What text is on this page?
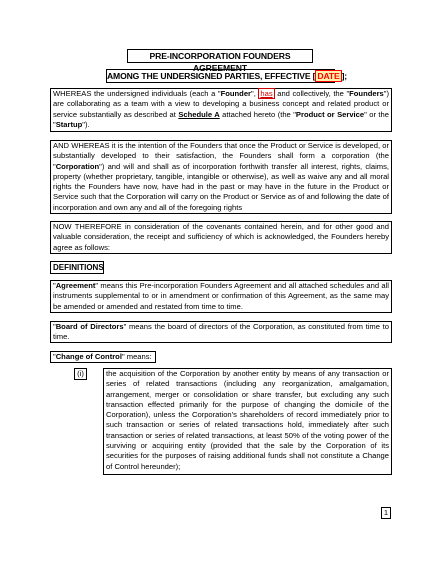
PRE-INCORPORATION FOUNDERS AGREEMENT
AMONG THE UNDERSIGNED PARTIES, EFFECTIVE [ DATE ];
WHEREAS the undersigned individuals (each a "Founder", has and collectively, the "Founders") are collaborating as a team with a view to developing a business concept and related product or service substantially as described at Schedule A attached hereto (the "Product or Service" or the "Startup").
AND WHEREAS it is the intention of the Founders that once the Product or Service is developed, or substantially developed to their satisfaction, the Founders shall form a corporation (the "Corporation") and will and shall as of incorporation forthwith transfer all interest, rights, claims, property (whether proprietary, tangible, intangible or otherwise), as well as waive any and all moral rights the Founders have now, have had in the past or may have in the future in the Product or Service such that the Corporation will carry on the Product or Service as of and following the date of incorporation and own any and all of the foregoing rights
NOW THEREFORE in consideration of the covenants contained herein, and for other good and valuable consideration, the receipt and sufficiency of which is acknowledged, the Founders hereby agree as follows:
DEFINITIONS
"Agreement" means this Pre-incorporation Founders Agreement and all attached schedules and all instruments supplemental to or in amendment or confirmation of this Agreement, as the same may be amended or amended and restated from time to time.
"Board of Directors" means the board of directors of the Corporation, as constituted from time to time.
"Change of Control" means:
(i)	the acquisition of the Corporation by another entity by means of any transaction or series of related transactions (including any reorganization, amalgamation, arrangement, merger or consolidation or share transfer, but excluding any such transaction effected primarily for the purpose of changing the domicile of the Corporation), unless the Corporation's shareholders of record immediately prior to such transaction or series of related transactions hold, immediately after such transaction or series of related transactions, at least 50% of the voting power of the surviving or acquiring entity (provided that the sale by the Corporation of its securities for the purposes of raising additional funds shall not constitute a Change of Control hereunder);
1
